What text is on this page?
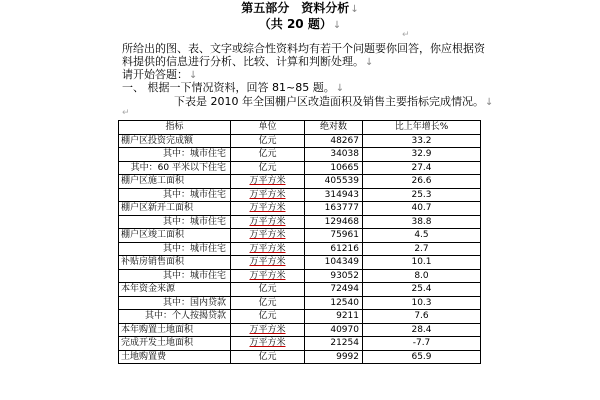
第五部分　资料分析↓
（共 20 题）↓
↵

所给出的图、表、文字或综合性资料均有若干个问题要你回答，你应根据资料提供的信息进行分析、比较、计算和判断处理。↓

请开始答题：↓
一、 根据一下情况资料，回答 81~85 题。↓
下表是 2010 年全国棚户区改造面积及销售主要指标完成情况。↓
↵
指标	单位	绝对数	比上年增长%
棚户区投资完成额	亿元	48267	33.2
其中：城市住宅	亿元	34038	32.9
其中：60 平米以下住宅	亿元	10665	27.4
棚户区施工面积	万平方米	405539	26.6
其中：城市住宅	万平方米	314943	25.3
棚户区新开工面积	万平方米	163777	40.7
其中：城市住宅	万平方米	129468	38.8
棚户区竣工面积	万平方米	75961	4.5
其中：城市住宅	万平方米	61216	2.7
补贴房销售面积	万平方米	104349	10.1
其中：城市住宅	万平方米	93052	8.0
本年资金来源	亿元	72494	25.4
其中：国内贷款	亿元	12540	10.3
其中：个人按揭贷款	亿元	9211	7.6
本年购置土地面积	万平方米	40970	28.4
完成开发土地面积	万平方米	21254	-7.7
土地购置费	亿元	9992	65.9
